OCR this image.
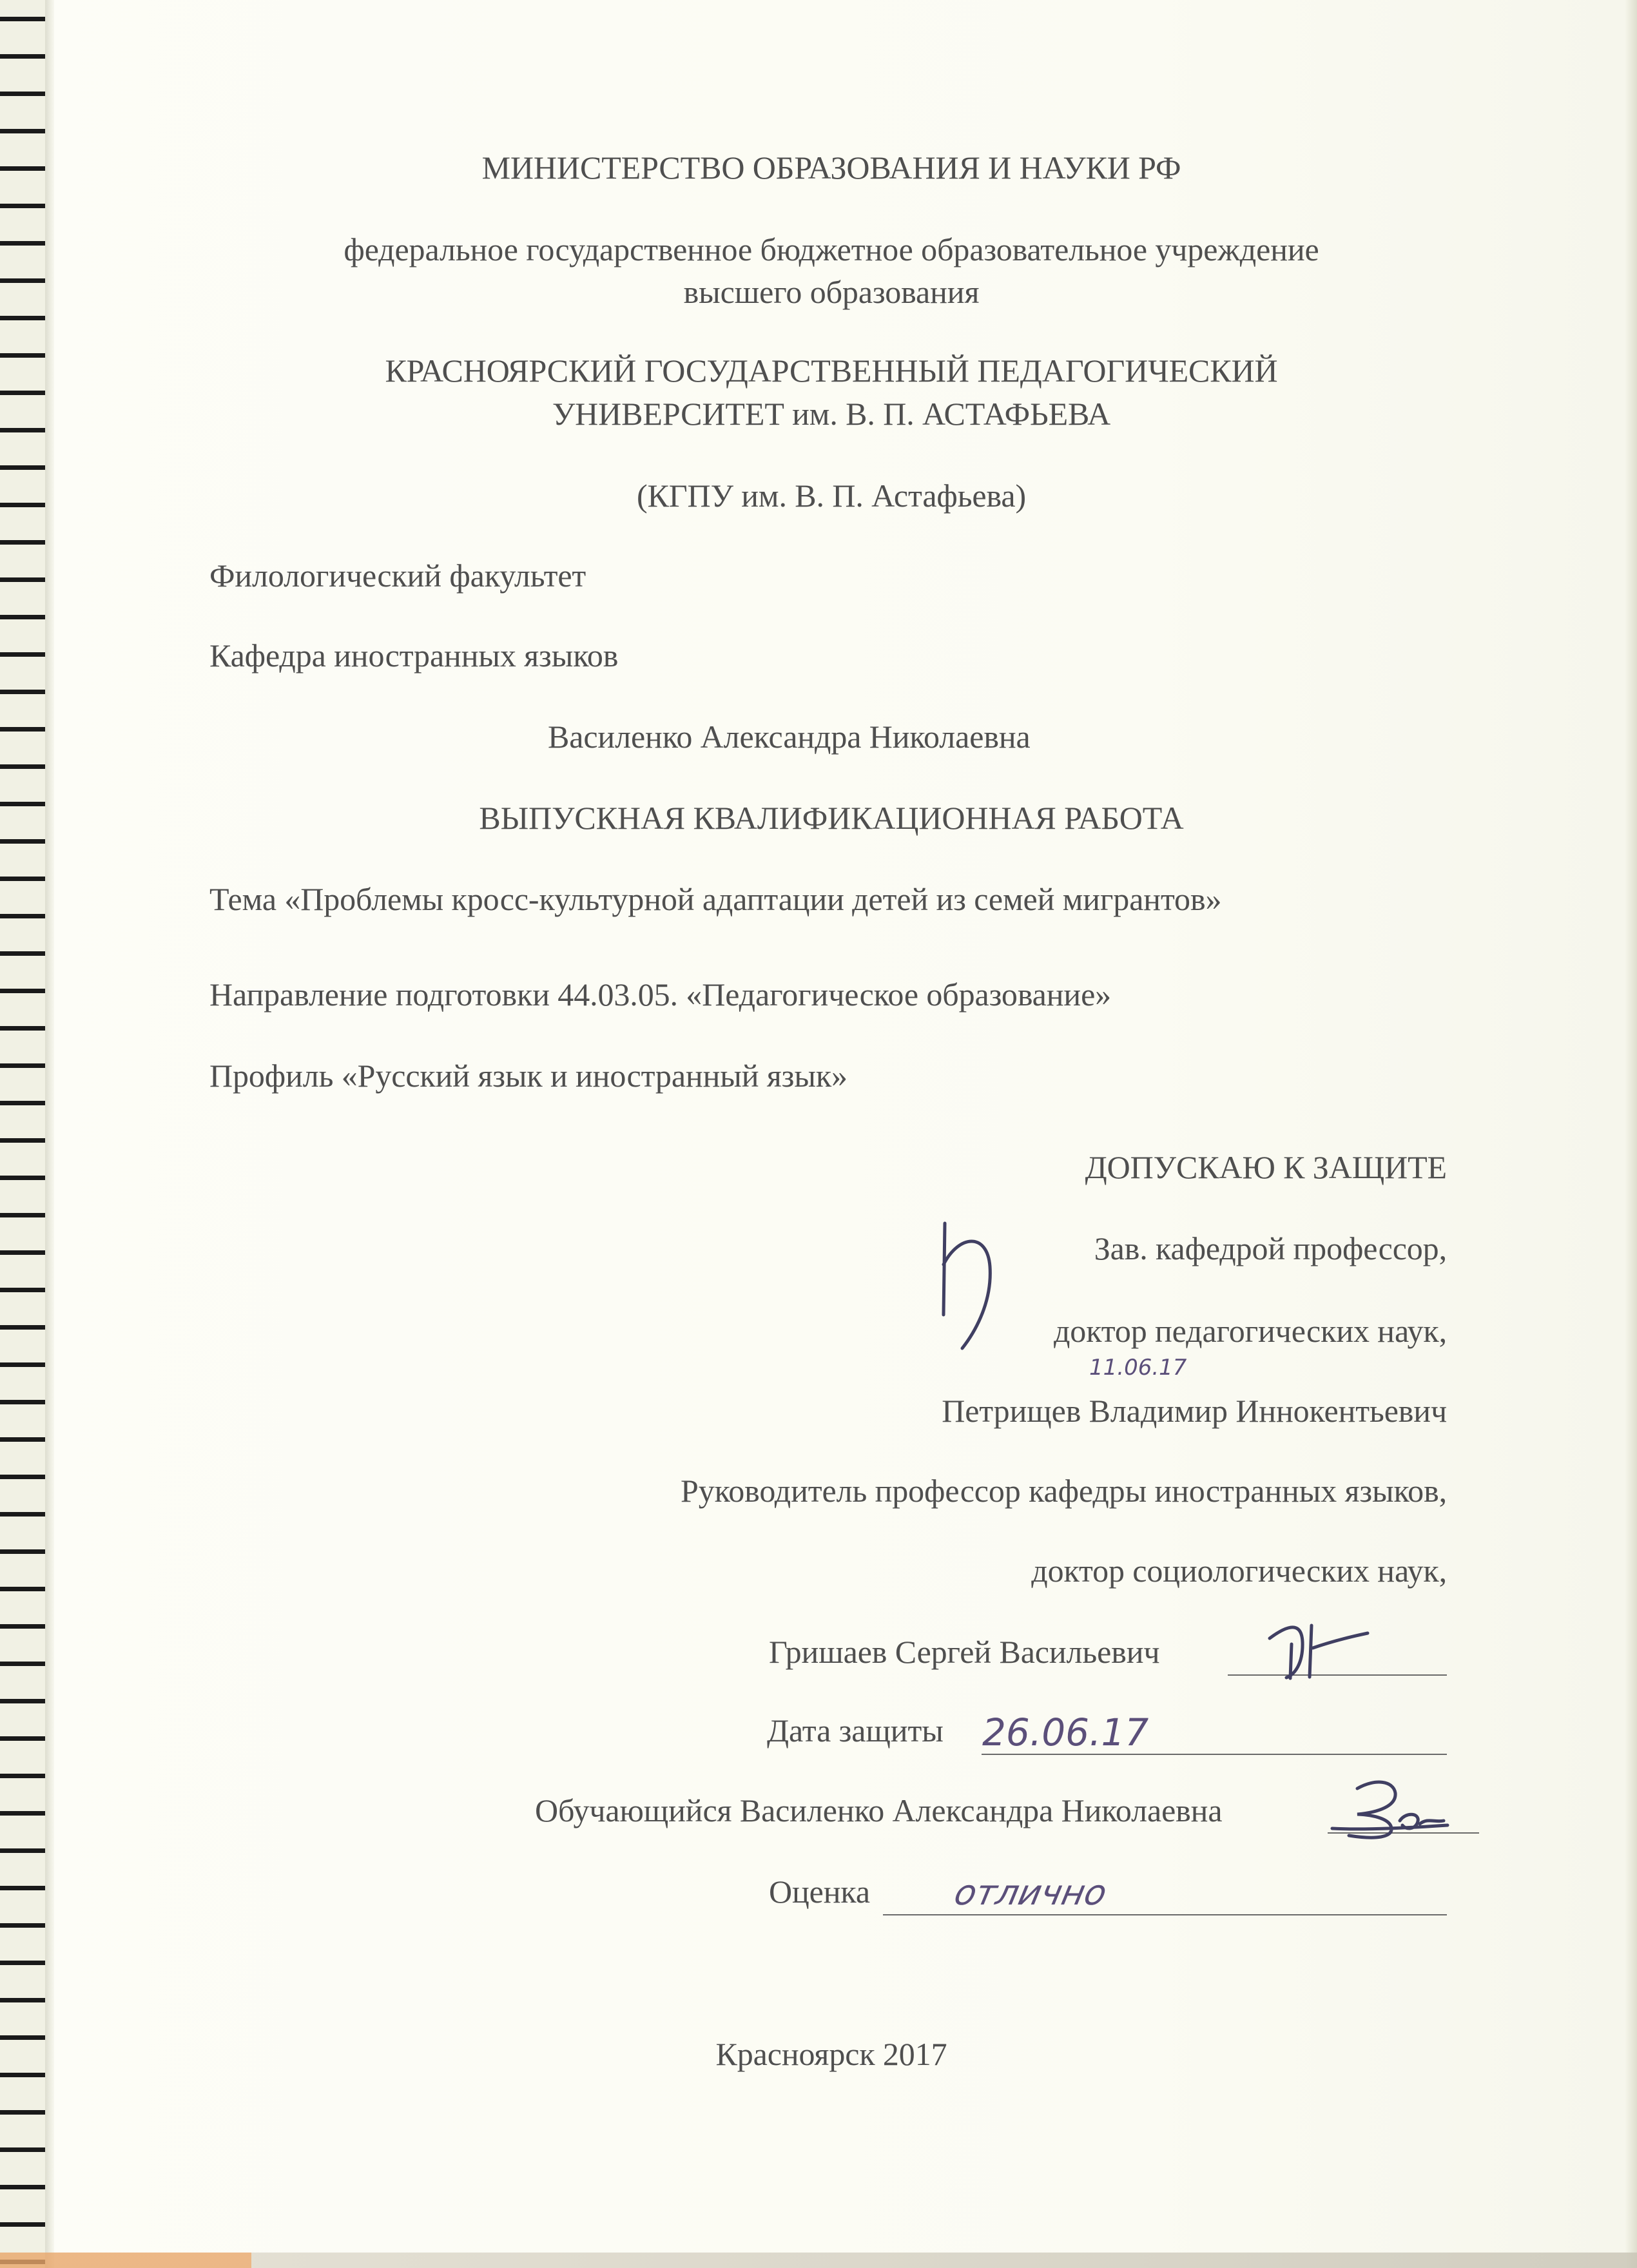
МИНИСТЕРСТВО ОБРАЗОВАНИЯ И НАУКИ РФ
федеральное государственное бюджетное образовательное учреждение
высшего образования
КРАСНОЯРСКИЙ ГОСУДАРСТВЕННЫЙ ПЕДАГОГИЧЕСКИЙ
УНИВЕРСИТЕТ им. В. П. АСТАФЬЕВА
(КГПУ им. В. П. Астафьева)
Филологический факультет
Кафедра иностранных языков
Василенко Александра Николаевна
ВЫПУСКНАЯ КВАЛИФИКАЦИОННАЯ РАБОТА
Тема «Проблемы кросс-культурной адаптации детей из семей мигрантов»
Направление подготовки 44.03.05. «Педагогическое образование»
Профиль «Русский язык и иностранный язык»
ДОПУСКАЮ К ЗАЩИТЕ
Зав. кафедрой профессор,
доктор педагогических наук,
11.06.17
Петрищев Владимир Иннокентьевич
Руководитель профессор кафедры иностранных языков,
доктор социологических наук,
Гришаев Сергей Васильевич
Дата защиты 26.06.17
Обучающийся Василенко Александра Николаевна
Оценка отлично
Красноярск 2017
